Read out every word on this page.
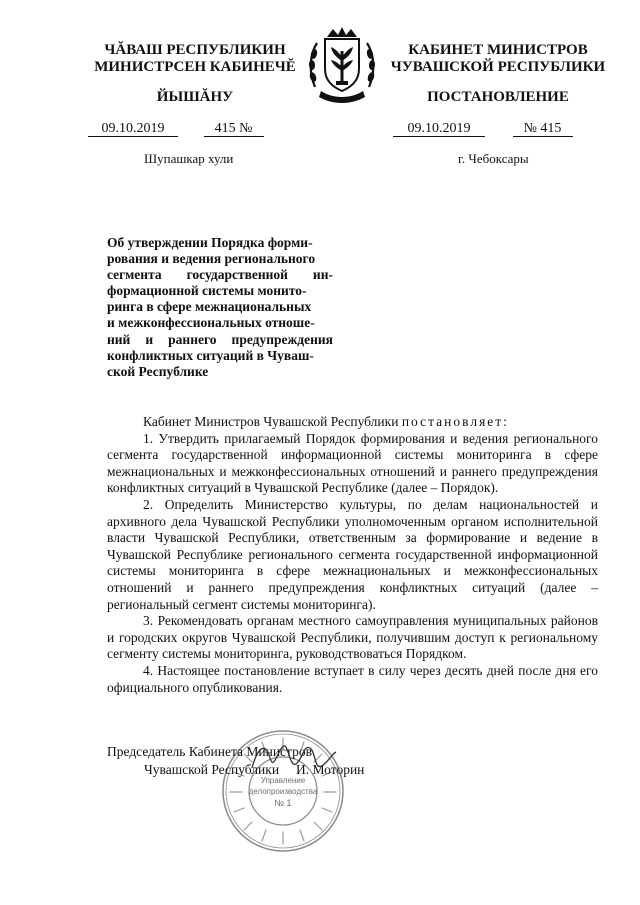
ЧĂВАШ РЕСПУБЛИКИН
МИНИСТРСЕН КАБИНЕЧĔ
ЙЫШĂНУ
КАБИНЕТ МИНИСТРОВ
ЧУВАШСКОЙ РЕСПУБЛИКИ
ПОСТАНОВЛЕНИЕ
09.10.2019	415 №	09.10.2019	№ 415
Шупашкар хули	г. Чебоксары
Об утверждении Порядка форми-
рования и ведения регионального
сегмента государственной ин-
формационной системы монито-
ринга в сфере межнациональных
и межконфессиональных отноше-
ний и раннего предупреждения
конфликтных ситуаций в Чуваш-
ской Республике

Кабинет Министров Чувашской Республики постановляет:

1. Утвердить прилагаемый Порядок формирования и ведения регионального сегмента государственной информационной системы мониторинга в сфере межнациональных и межконфессиональных отношений и раннего предупреждения конфликтных ситуаций в Чувашской Республике (далее – Порядок).

2. Определить Министерство культуры, по делам национальностей и архивного дела Чувашской Республики уполномоченным органом исполнительной власти Чувашской Республики, ответственным за формирование и ведение в Чувашской Республике регионального сегмента государственной информационной системы мониторинга в сфере межнациональных и межконфессиональных отношений и раннего предупреждения конфликтных ситуаций (далее – региональный сегмент системы мониторинга).

3. Рекомендовать органам местного самоуправления муниципальных районов и городских округов Чувашской Республики, получившим доступ к региональному сегменту системы мониторинга, руководствоваться Порядком.

4. Настоящее постановление вступает в силу через десять дней после дня его официального опубликования.

Управление
делопроизводства
№ 1
Председатель Кабинета Министров
Чувашской Республики И. Моторин
